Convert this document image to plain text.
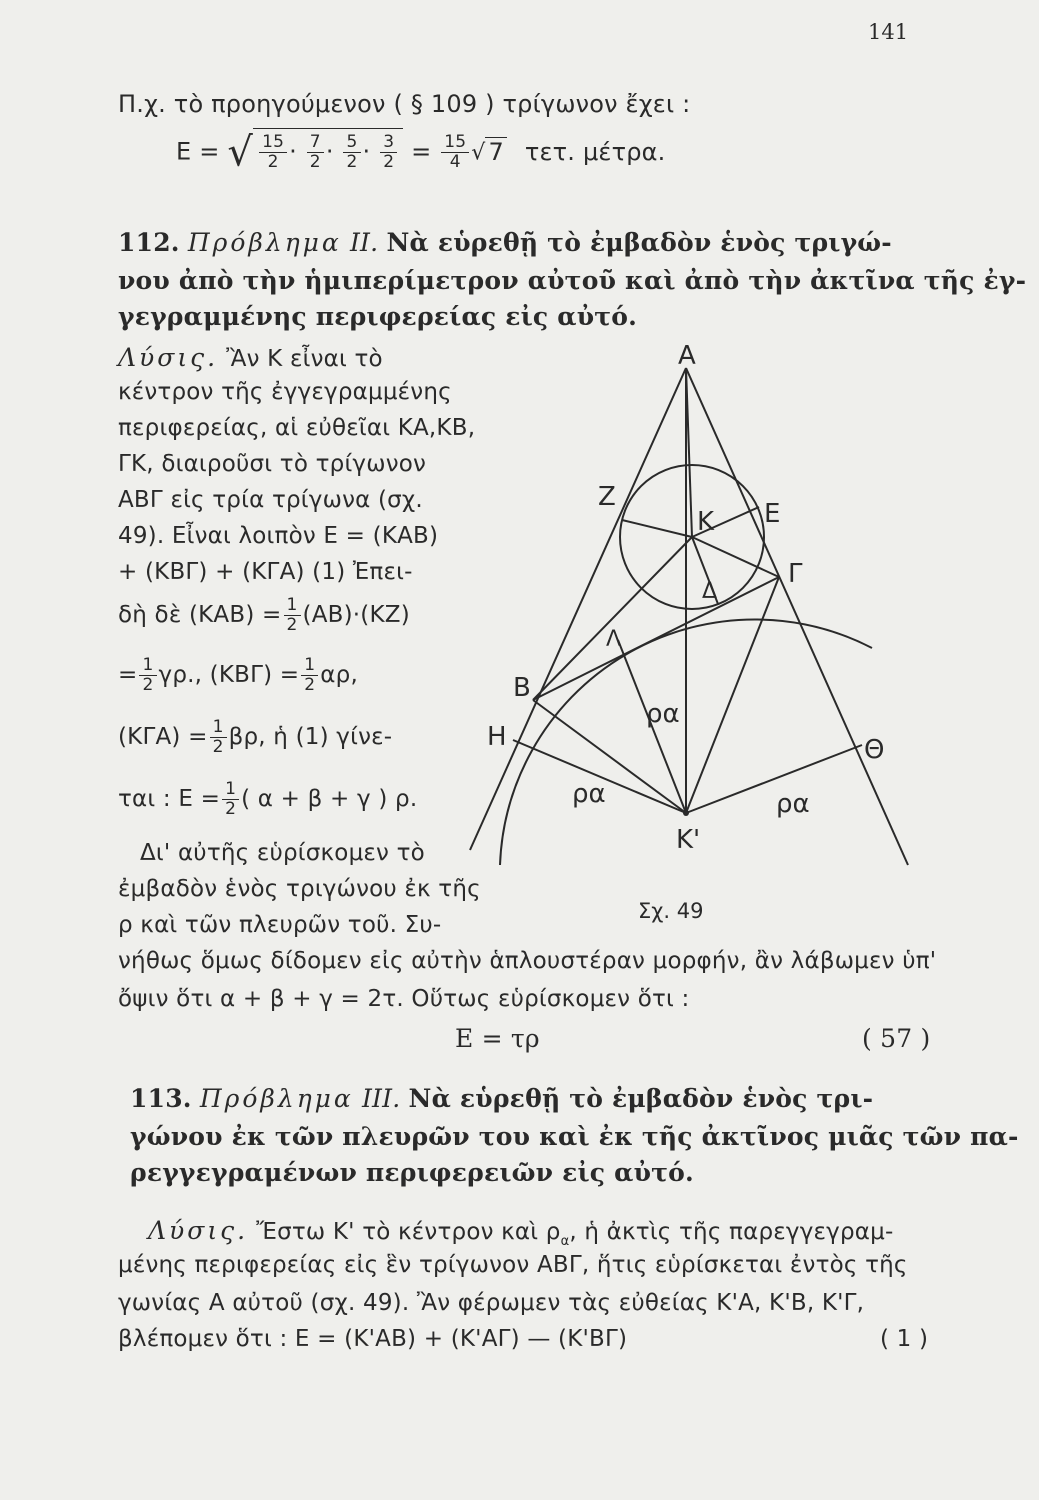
141
Π.χ. τὸ προηγούμενον ( § 109 ) τρίγωνον ἔχει :
E = √ $\frac{15}{2} \cdot \frac{7}{2} \cdot \frac{5}{2} \cdot \frac{3}{2} = \frac{15}{4}$ √ 7 τετ. μέτρα.
112. Πρόβλημα II. Νὰ εὑρεθῇ τὸ ἐμβαδὸν ἑνὸς τριγώ-
νου ἀπὸ τὴν ἡμιπερίμετρον αὐτοῦ καὶ ἀπὸ τὴν ἀκτῖνα τῆς ἐγ-
γεγραμμένης περιφερείας εἰς αὐτό.
Λύσις. Ἂν Κ εἶναι τὸ
κέντρον τῆς ἐγγεγραμμένης
περιφερείας, αἱ εὐθεῖαι ΚΑ,ΚΒ,
ΓΚ, διαιροῦσι τὸ τρίγωνον
ΑΒΓ εἰς τρία τρίγωνα (σχ.
49). Εἶναι λοιπὸν Ε = (ΚΑΒ)
+ (ΚΒΓ) + (ΚΓΑ) (1) Ἐπει-
δὴ δὲ $(KAB) = \frac{1}{2} (AB)\cdot(KZ)$
= $\frac{1}{2} \gamma\rho$., $(KB\Gamma) = \frac{1}{2} \alpha\rho$,
$(K\Gamma A) = \frac{1}{2} \beta\rho$, ἡ (1) γίνε-
ται : $E = \frac{1}{2}$ ( α + β + γ ) ρ.
Δι' αὐτῆς εὑρίσκομεν τὸ
ἐμβαδὸν ἑνὸς τριγώνου ἐκ τῆς
ρ καὶ τῶν πλευρῶν τοῦ. Συ-
νήθως ὅμως δίδομεν εἰς αὐτὴν ἁπλουστέραν μορφήν, ἂν λάβωμεν ὑπ'
ὄψιν ὅτι α + β + γ = 2τ. Οὕτως εὑρίσκομεν ὅτι :
Ε = τρ	( 57 )
113. Πρόβλημα III. Νὰ εὑρεθῇ τὸ ἐμβαδὸν ἑνὸς τρι-
γώνου ἐκ τῶν πλευρῶν του καὶ ἐκ τῆς ἀκτῖνος μιᾶς τῶν πα-
ρεγγεγραμένων περιφερειῶν εἰς αὐτό.
Λύσις. Ἔστω Κ' τὸ κέντρον καὶ $\rho_\alpha$, ἡ ἀκτὶς τῆς παρεγγεγραμ-
μένης περιφερείας εἰς ἓν τρίγωνον ΑΒΓ, ἥτις εὑρίσκεται ἐντὸς τῆς
γωνίας Α αὐτοῦ (σχ. 49). Ἂν φέρωμεν τὰς εὐθείας Κ'Α, Κ'Β, Κ'Γ,
βλέπομεν ὅτι : Ε = (Κ'ΑΒ) + (Κ'ΑΓ) — (Κ'ΒΓ)	( 1 )
Α
Ζ
Κ Ε
Γ
Δ
Λ
Β
Η	Θ
Κ'
ρα
ρα	ρα
Σχ. 49
